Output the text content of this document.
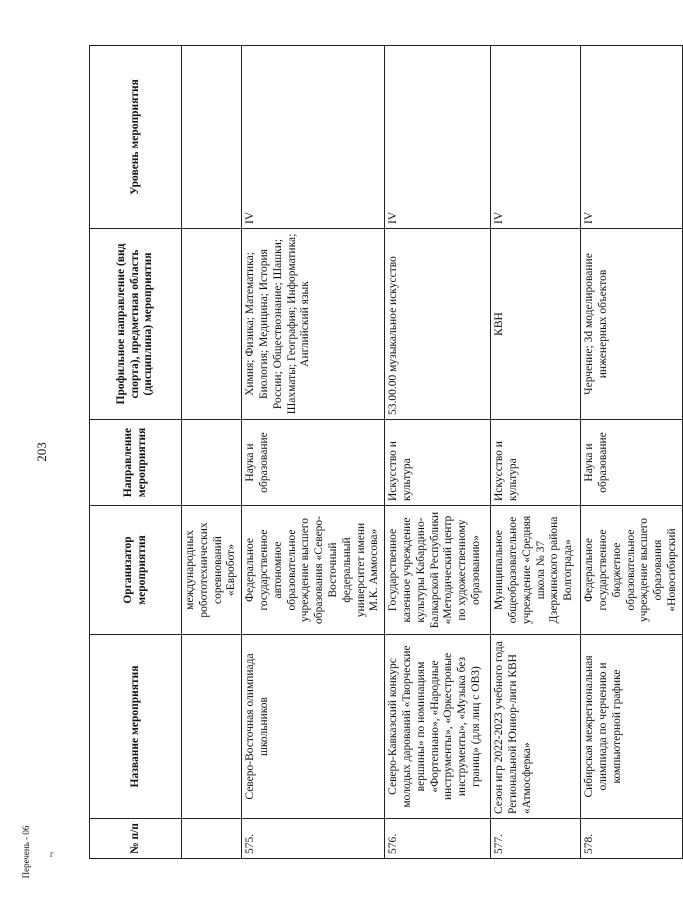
203
Перечень - 06	г
№ п/п	Название мероприятия	Организатор мероприятия	Направление мероприятия	Профильное направление (вид спорта), предметная область (дисциплина) мероприятия	Уровень мероприятия
		международных робототехнических соревнований «Евробот»			
575.	Северо-Восточная олимпиада школьников	Федеральное государственное автономное образовательное учреждение высшего образования «Северо-Восточный федеральный университет имени М.К. Аммосова»	Наука и образование	Химия; Физика; Математика; Биология; Медицина; История России; Обществознание; Шашки; Шахматы; География; Информатика; Английский язык	IV
576.	Северо-Кавказский конкурс молодых дарований «Творческие вершины» по номинациям «Фортепиано», «Народные инструменты», «Оркестровые инструменты», «Музыка без границ» (для лиц с ОВЗ)	Государственное казенное учреждение культуры Кабардино-Балкарской Республики «Методический центр по художественному образованию»	Искусство и культура	53.00.00 музыкальное искусство	IV
577.	Сезон игр 2022-2023 учебного года Региональной Юниор-лиги КВН «Атмосферка»	Муниципальное общеобразовательное учреждение «Средняя школа № 37 Дзержинского района Волгограда»	Искусство и культура	КВН	IV
578.	Сибирская межрегиональная олимпиада по черчению и компьютерной графике	Федеральное государственное бюджетное образовательное учреждение высшего образования «Новосибирский	Наука и образование	Черчение; 3d моделирование инженерных объектов	IV
